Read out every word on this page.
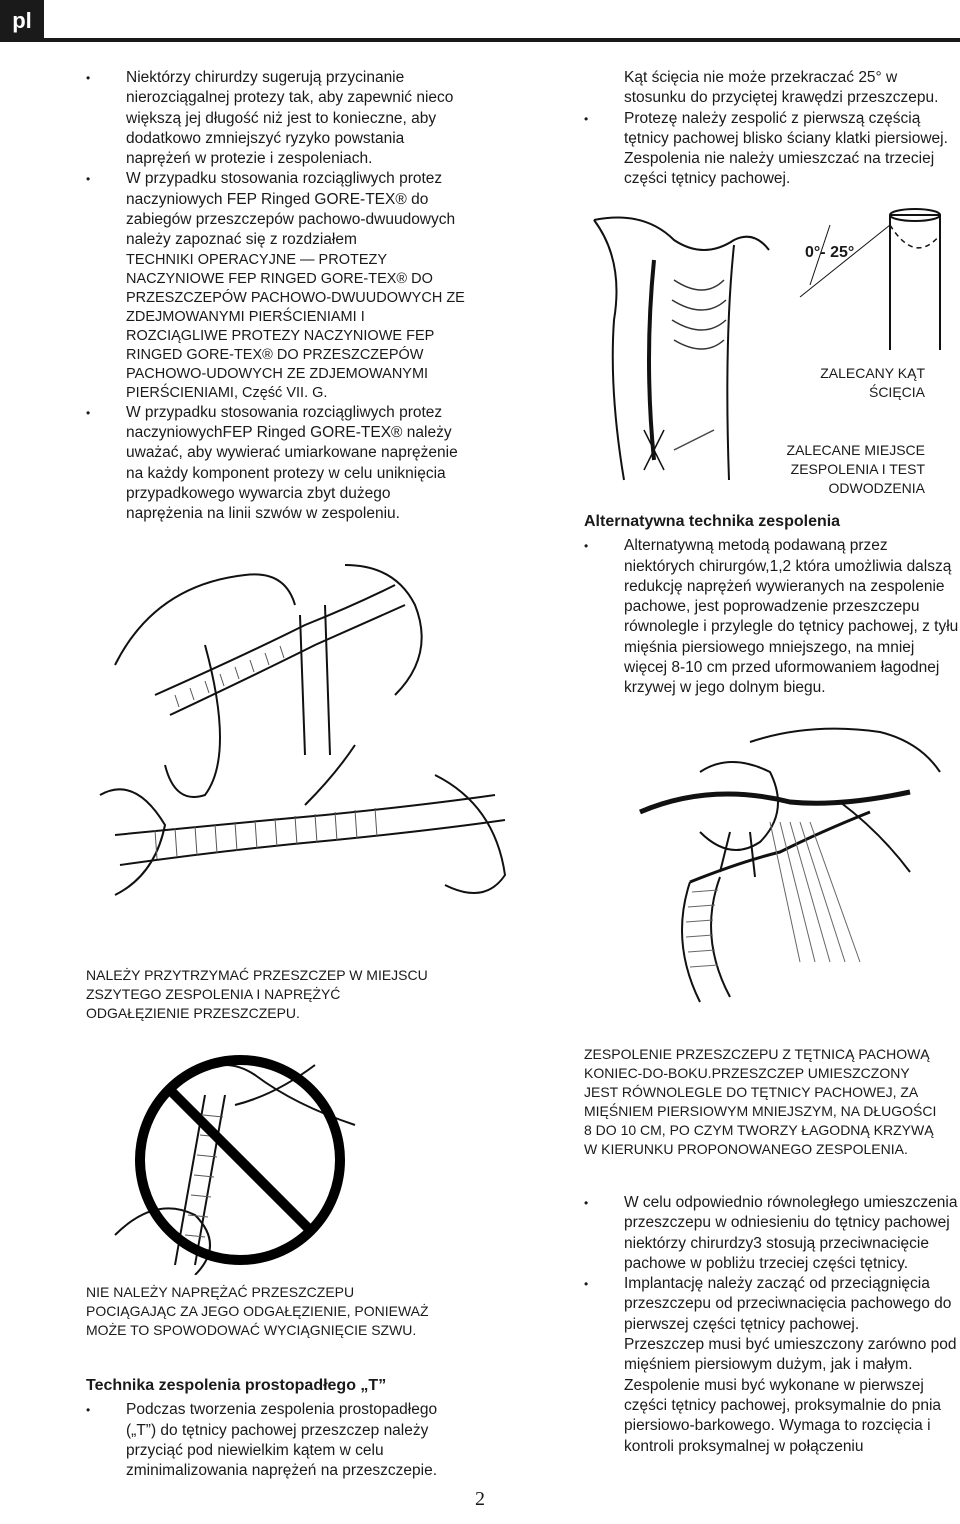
pl
• Niektórzy chirurdzy sugerują przycinanie nierozciągalnej protezy tak, aby zapewnić nieco większą jej długość niż jest to konieczne, aby dodatkowo zmniejszyć ryzyko powstania naprężeń w protezie i zespoleniach.
• W przypadku stosowania rozciągliwych protez naczyniowych FEP Ringed GORE-TEX® do zabiegów przeszczepów pachowo-dwuudowych należy zapoznać się z rozdziałem
TECHNIKI OPERACYJNE — PROTEZY NACZYNIOWE FEP RINGED GORE-TEX® DO PRZESZCZEPÓW PACHOWO-DWUUDOWYCH ZE ZDEJMOWANYMI PIERŚCIENIAMI I ROZCIĄGLIWE PROTEZY NACZYNIOWE FEP RINGED GORE-TEX® DO PRZESZCZEPÓW PACHOWO-UDOWYCH ZE ZDJEMOWANYMI PIERŚCIENIAMI, Część VII. G.
• W przypadku stosowania rozciągliwych protez naczyniowychFEP Ringed GORE-TEX® należy uważać, aby wywierać umiarkowane naprężenie na każdy komponent protezy w celu uniknięcia przypadkowego wywarcia zbyt dużego naprężenia na linii szwów w zespoleniu.

Kąt ścięcia nie może przekraczać 25° w stosunku do przyciętej krawędzi przeszczepu.

• Protezę należy zespolić z pierwszą częścią tętnicy pachowej blisko ściany klatki piersiowej. Zespolenia nie należy umieszczać na trzeciej części tętnicy pachowej.
0°- 25°
ZALECANY KĄT ŚCIĘCIA
ZALECANE MIEJSCE ZESPOLENIA I TEST ODWODZENIA
Alternatywna technika zespolenia
• Alternatywną metodą podawaną przez niektórych chirurgów,1,2 która umożliwia dalszą redukcję naprężeń wywieranych na zespolenie pachowe, jest poprowadzenie przeszczepu równolegle i przylegle do tętnicy pachowej, z tyłu mięśnia piersiowego mniejszego, na mniej więcej 8-10 cm przed uformowaniem łagodnej krzywej w jego dolnym biegu.
NALEŻY PRZYTRZYMAĆ PRZESZCZEP W MIEJSCU ZSZYTEGO ZESPOLENIA I NAPRĘŻYĆ ODGAŁĘZIENIE PRZESZCZEPU.
ZESPOLENIE PRZESZCZEPU Z TĘTNICĄ PACHOWĄ KONIEC-DO-BOKU.PRZESZCZEP UMIESZCZONY JEST RÓWNOLEGLE DO TĘTNICY PACHOWEJ, ZA MIĘŚNIEM PIERSIOWYM MNIEJSZYM, NA DŁUGOŚCI 8 DO 10 CM, PO CZYM TWORZY ŁAGODNĄ KRZYWĄ W KIERUNKU PROPONOWANEGO ZESPOLENIA.
NIE NALEŻY NAPRĘŻAĆ PRZESZCZEPU POCIĄGAJĄC ZA JEGO ODGAŁĘZIENIE, PONIEWAŻ MOŻE TO SPOWODOWAĆ WYCIĄGNIĘCIE SZWU.
Technika zespolenia prostopadłego „T”
• Podczas tworzenia zespolenia prostopadłego („T”) do tętnicy pachowej przeszczep należy przyciąć pod niewielkim kątem w celu zminimalizowania naprężeń na przeszczepie.
• W celu odpowiednio równoległego umieszczenia przeszczepu w odniesieniu do tętnicy pachowej niektórzy chirurdzy3 stosują przeciwnacięcie pachowe w pobliżu trzeciej części tętnicy.
• Implantację należy zacząć od przeciągnięcia przeszczepu od przeciwnacięcia pachowego do pierwszej części tętnicy pachowej.

Przeszczep musi być umieszczony zarówno pod mięśniem piersiowym dużym, jak i małym. Zespolenie musi być wykonane w pierwszej części tętnicy pachowej, proksymalnie do pnia piersiowo-barkowego. Wymaga to rozcięcia i kontroli proksymalnej w połączeniu

2
